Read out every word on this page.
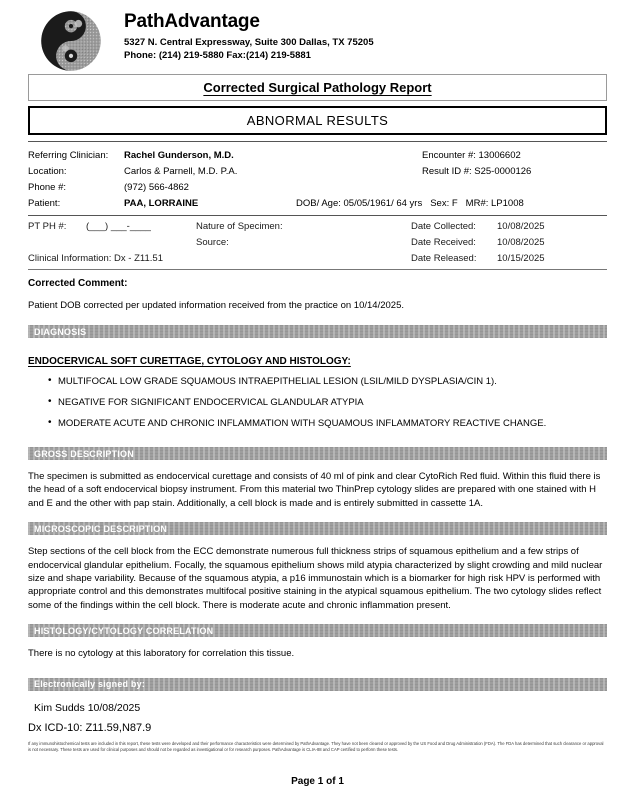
PathAdvantage
5327 N. Central Expressway, Suite 300 Dallas, TX 75205
Phone: (214) 219-5880 Fax:(214) 219-5881
Corrected Surgical Pathology Report
ABNORMAL RESULTS
Referring Clinician:	Rachel Gunderson, M.D.	Encounter #: 13006602
Location:	Carlos & Parnell, M.D. P.A.	Result ID #: S25-0000126
Phone #:	(972) 566-4862
Patient:	PAA, LORRAINE	DOB/ Age: 05/05/1961/ 64 yrs Sex: F MR#: LP1008
PT PH #:	(___) ___-____	Nature of Specimen:	Date Collected:	10/08/2025
Source:	Date Received:	10/08/2025
Clinical Information: Dx - Z11.51	Date Released:	10/15/2025
Corrected Comment:
Patient DOB corrected per updated information received from the practice on 10/14/2025.
DIAGNOSIS
ENDOCERVICAL SOFT CURETTAGE, CYTOLOGY AND HISTOLOGY:
• MULTIFOCAL LOW GRADE SQUAMOUS INTRAEPITHELIAL LESION (LSIL/MILD DYSPLASIA/CIN 1).
• NEGATIVE FOR SIGNIFICANT ENDOCERVICAL GLANDULAR ATYPIA
• MODERATE ACUTE AND CHRONIC INFLAMMATION WITH SQUAMOUS INFLAMMATORY REACTIVE CHANGE.
GROSS DESCRIPTION
The specimen is submitted as endocervical curettage and consists of 40 ml of pink and clear CytoRich Red fluid. Within this fluid there is the head of a soft endocervical biopsy instrument. From this material two ThinPrep cytology slides are prepared with one stained with H and E and the other with pap stain. Additionally, a cell block is made and is entirely submitted in cassette 1A.
MICROSCOPIC DESCRIPTION
Step sections of the cell block from the ECC demonstrate numerous full thickness strips of squamous epithelium and a few strips of endocervical glandular epithelium. Focally, the squamous epithelium shows mild atypia characterized by slight crowding and mild nuclear size and shape variability. Because of the squamous atypia, a p16 immunostain which is a biomarker for high risk HPV is performed with appropriate control and this demonstrates multifocal positive staining in the atypical squamous epithelium. The two cytology slides reflect some of the findings within the cell block. There is moderate acute and chronic inflammation present.
HISTOLOGY/CYTOLOGY CORRELATION
There is no cytology at this laboratory for correlation this tissue.
Electronically signed by:
Kim Sudds 10/08/2025
Dx ICD-10: Z11.59,N87.9
If any immunohistochemical tests are included in this report, these tests were developed and their performance characteristics were determined by PathAdvantage. They have not been cleared or approved by the US Food and Drug Administration (FDA). The FDA has determined that such clearance or approval is not necessary. These tests are used for clinical purposes and should not be regarded as investigational or for research purposes. PathAdvantage is CLIA-88 and CAP certified to perform these tests.
Page 1 of 1
